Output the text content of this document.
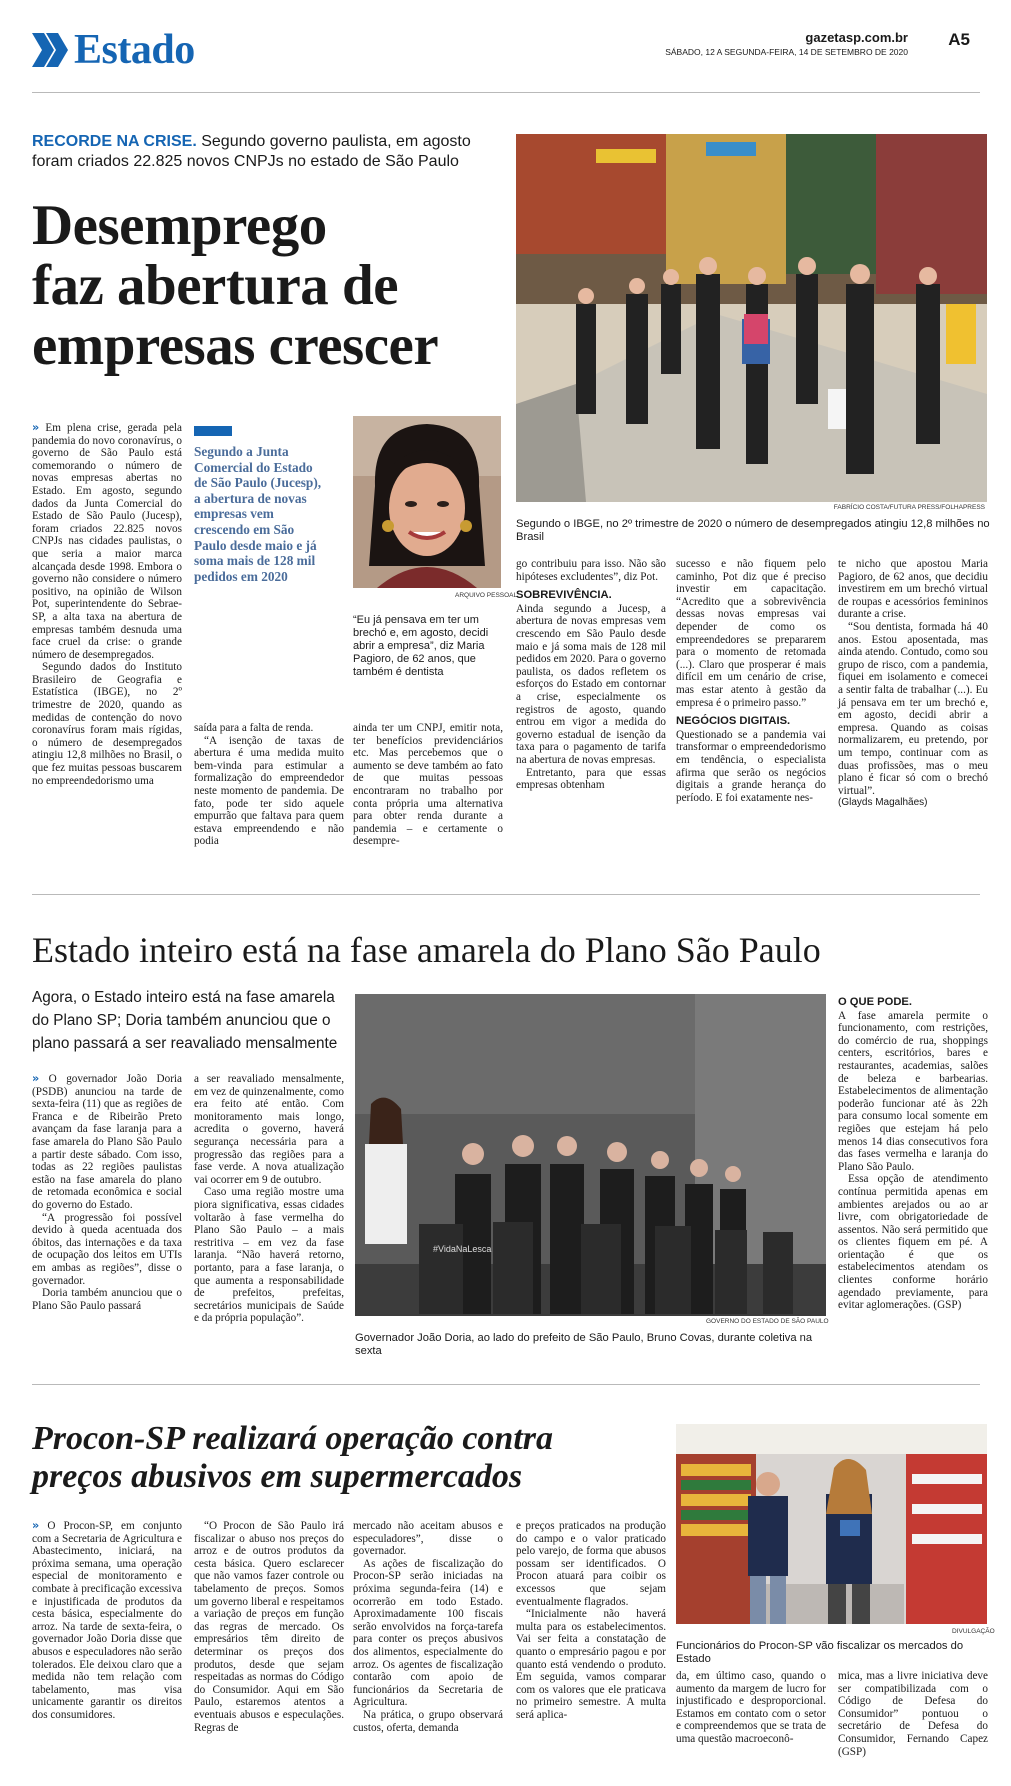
Estado	gazetasp.com.br
SÁBADO, 12 A SEGUNDA-FEIRA, 14 DE SETEMBRO DE 2020
A5
RECORDE NA CRISE. Segundo governo paulista, em agosto foram criados 22.825 novos CNPJs no estado de São Paulo
Desemprego
faz abertura de
empresas crescer
FABRÍCIO COSTA/FUTURA PRESS/FOLHAPRESS
Segundo o IBGE, no 2º trimestre de 2020 o número de desempregados atingiu 12,8 milhões no Brasil

» Em plena crise, gerada pela pandemia do novo coronavírus, o governo de São Paulo está comemorando o número de novas empresas abertas no Estado. Em agosto, segundo dados da Junta Comercial do Estado de São Paulo (Jucesp), foram criados 22.825 novos CNPJs nas cidades paulistas, o que seria a maior marca alcançada desde 1998. Embora o governo não considere o número positivo, na opinião de Wilson Pot, superintendente do Sebrae-SP, a alta taxa na abertura de empresas também desnuda uma face cruel da crise: o grande número de desempregados.

Segundo dados do Instituto Brasileiro de Geografia e Estatística (IBGE), no 2º trimestre de 2020, quando as medidas de contenção do novo coronavírus foram mais rígidas, o número de desempregados atingiu 12,8 milhões no Brasil, o que fez muitas pessoas buscarem no empreendedorismo uma

Segundo a Junta Comercial do Estado de São Paulo (Jucesp), a abertura de novas empresas vem crescendo em São Paulo desde maio e já soma mais de 128 mil pedidos em 2020
ARQUIVO PESSOAL
“Eu já pensava em ter um brechó e, em agosto, decidi abrir a empresa”, diz Maria Pagioro, de 62 anos, que também é dentista

saída para a falta de renda.

“A isenção de taxas de abertura é uma medida muito bem-vinda para estimular a formalização do empreendedor neste momento de pandemia. De fato, pode ter sido aquele empurrão que faltava para quem estava empreendendo e não podia

ainda ter um CNPJ, emitir nota, ter benefícios previdenciários etc. Mas percebemos que o aumento se deve também ao fato de que muitas pessoas encontraram no trabalho por conta própria uma alternativa para obter renda durante a pandemia – e certamente o desempre-

go contribuiu para isso. Não são hipóteses excludentes”, diz Pot.

SOBREVIVÊNCIA.

Ainda segundo a Jucesp, a abertura de novas empresas vem crescendo em São Paulo desde maio e já soma mais de 128 mil pedidos em 2020. Para o governo paulista, os dados refletem os esforços do Estado em contornar a crise, especialmente os registros de agosto, quando entrou em vigor a medida do governo estadual de isenção da taxa para o pagamento de tarifa na abertura de novas empresas.

Entretanto, para que essas empresas obtenham

sucesso e não fiquem pelo caminho, Pot diz que é preciso investir em capacitação. “Acredito que a sobrevivência dessas novas empresas vai depender de como os empreendedores se prepararem para o momento de retomada (...). Claro que prosperar é mais difícil em um cenário de crise, mas estar atento à gestão da empresa é o primeiro passo.”

NEGÓCIOS DIGITAIS.

Questionado se a pandemia vai transformar o empreendedorismo em tendência, o especialista afirma que serão os negócios digitais a grande herança do período. E foi exatamente nes-

te nicho que apostou Maria Pagioro, de 62 anos, que decidiu investirem em um brechó virtual de roupas e acessórios femininos durante a crise.

“Sou dentista, formada há 40 anos. Estou aposentada, mas ainda atendo. Contudo, como sou grupo de risco, com a pandemia, fiquei em isolamento e comecei a sentir falta de trabalhar (...). Eu já pensava em ter um brechó e, em agosto, decidi abrir a empresa. Quando as coisas normalizarem, eu pretendo, por um tempo, continuar com as duas profissões, mas o meu plano é ficar só com o brechó virtual”.

(Glayds Magalhães)

Estado inteiro está na fase amarela do Plano São Paulo
Agora, o Estado inteiro está na fase amarela do Plano SP; Doria também anunciou que o plano passará a ser reavaliado mensalmente

» O governador João Doria (PSDB) anunciou na tarde de sexta-feira (11) que as regiões de Franca e de Ribeirão Preto avançam da fase laranja para a fase amarela do Plano São Paulo a partir deste sábado. Com isso, todas as 22 regiões paulistas estão na fase amarela do plano de retomada econômica e social do governo do Estado.

“A progressão foi possível devido à queda acentuada dos óbitos, das internações e da taxa de ocupação dos leitos em UTIs em ambas as regiões”, disse o governador.

Doria também anunciou que o Plano São Paulo passará

a ser reavaliado mensalmente, em vez de quinzenalmente, como era feito até então. Com monitoramento mais longo, acredita o governo, haverá segurança necessária para a progressão das regiões para a fase verde. A nova atualização vai ocorrer em 9 de outubro.

Caso uma região mostre uma piora significativa, essas cidades voltarão à fase vermelha do Plano São Paulo – a mais restritiva – em vez da fase laranja. “Não haverá retorno, portanto, para a fase laranja, o que aumenta a responsabilidade de prefeitos, prefeitas, secretários municipais de Saúde e da própria população”.

#VidaNaLesca
GOVERNO DO ESTADO DE SÃO PAULO
Governador João Doria, ao lado do prefeito de São Paulo, Bruno Covas, durante coletiva na sexta
O QUE PODE.

A fase amarela permite o funcionamento, com restrições, do comércio de rua, shoppings centers, escritórios, bares e restaurantes, academias, salões de beleza e barbearias. Estabelecimentos de alimentação poderão funcionar até às 22h para consumo local somente em regiões que estejam há pelo menos 14 dias consecutivos fora das fases vermelha e laranja do Plano São Paulo.

Essa opção de atendimento contínua permitida apenas em ambientes arejados ou ao ar livre, com obrigatoriedade de assentos. Não será permitido que os clientes fiquem em pé. A orientação é que os estabelecimentos atendam os clientes conforme horário agendado previamente, para evitar aglomerações. (GSP)

Procon-SP realizará operação contra
preços abusivos em supermercados

» O Procon-SP, em conjunto com a Secretaria de Agricultura e Abastecimento, iniciará, na próxima semana, uma operação especial de monitoramento e combate à precificação excessiva e injustificada de produtos da cesta básica, especialmente do arroz. Na tarde de sexta-feira, o governador João Doria disse que abusos e especuladores não serão tolerados. Ele deixou claro que a medida não tem relação com tabelamento, mas visa unicamente garantir os direitos dos consumidores.

“O Procon de São Paulo irá fiscalizar o abuso nos preços do arroz e de outros produtos da cesta básica. Quero esclarecer que não vamos fazer controle ou tabelamento de preços. Somos um governo liberal e respeitamos a variação de preços em função das regras de mercado. Os empresários têm direito de determinar os preços dos produtos, desde que sejam respeitadas as normas do Código do Consumidor. Aqui em São Paulo, estaremos atentos a eventuais abusos e especulações. Regras de

mercado não aceitam abusos e especuladores”, disse o governador.

As ações de fiscalização do Procon-SP serão iniciadas na próxima segunda-feira (14) e ocorrerão em todo Estado. Aproximadamente 100 fiscais serão envolvidos na força-tarefa para conter os preços abusivos dos alimentos, especialmente do arroz. Os agentes de fiscalização contarão com apoio de funcionários da Secretaria de Agricultura.

Na prática, o grupo observará custos, oferta, demanda

e preços praticados na produção do campo e o valor praticado pelo varejo, de forma que abusos possam ser identificados. O Procon atuará para coibir os excessos que sejam eventualmente flagrados.

“Inicialmente não haverá multa para os estabelecimentos. Vai ser feita a constatação de quanto o empresário pagou e por quanto está vendendo o produto. Em seguida, vamos comparar com os valores que ele praticava no primeiro semestre. A multa será aplica-

DIVULGAÇÃO
Funcionários do Procon-SP vão fiscalizar os mercados do Estado

da, em último caso, quando o aumento da margem de lucro for injustificado e desproporcional. Estamos em contato com o setor e compreendemos que se trata de uma questão macroeconô-

mica, mas a livre iniciativa deve ser compatibilizada com o Código de Defesa do Consumidor” pontuou o secretário de Defesa do Consumidor, Fernando Capez (GSP)
